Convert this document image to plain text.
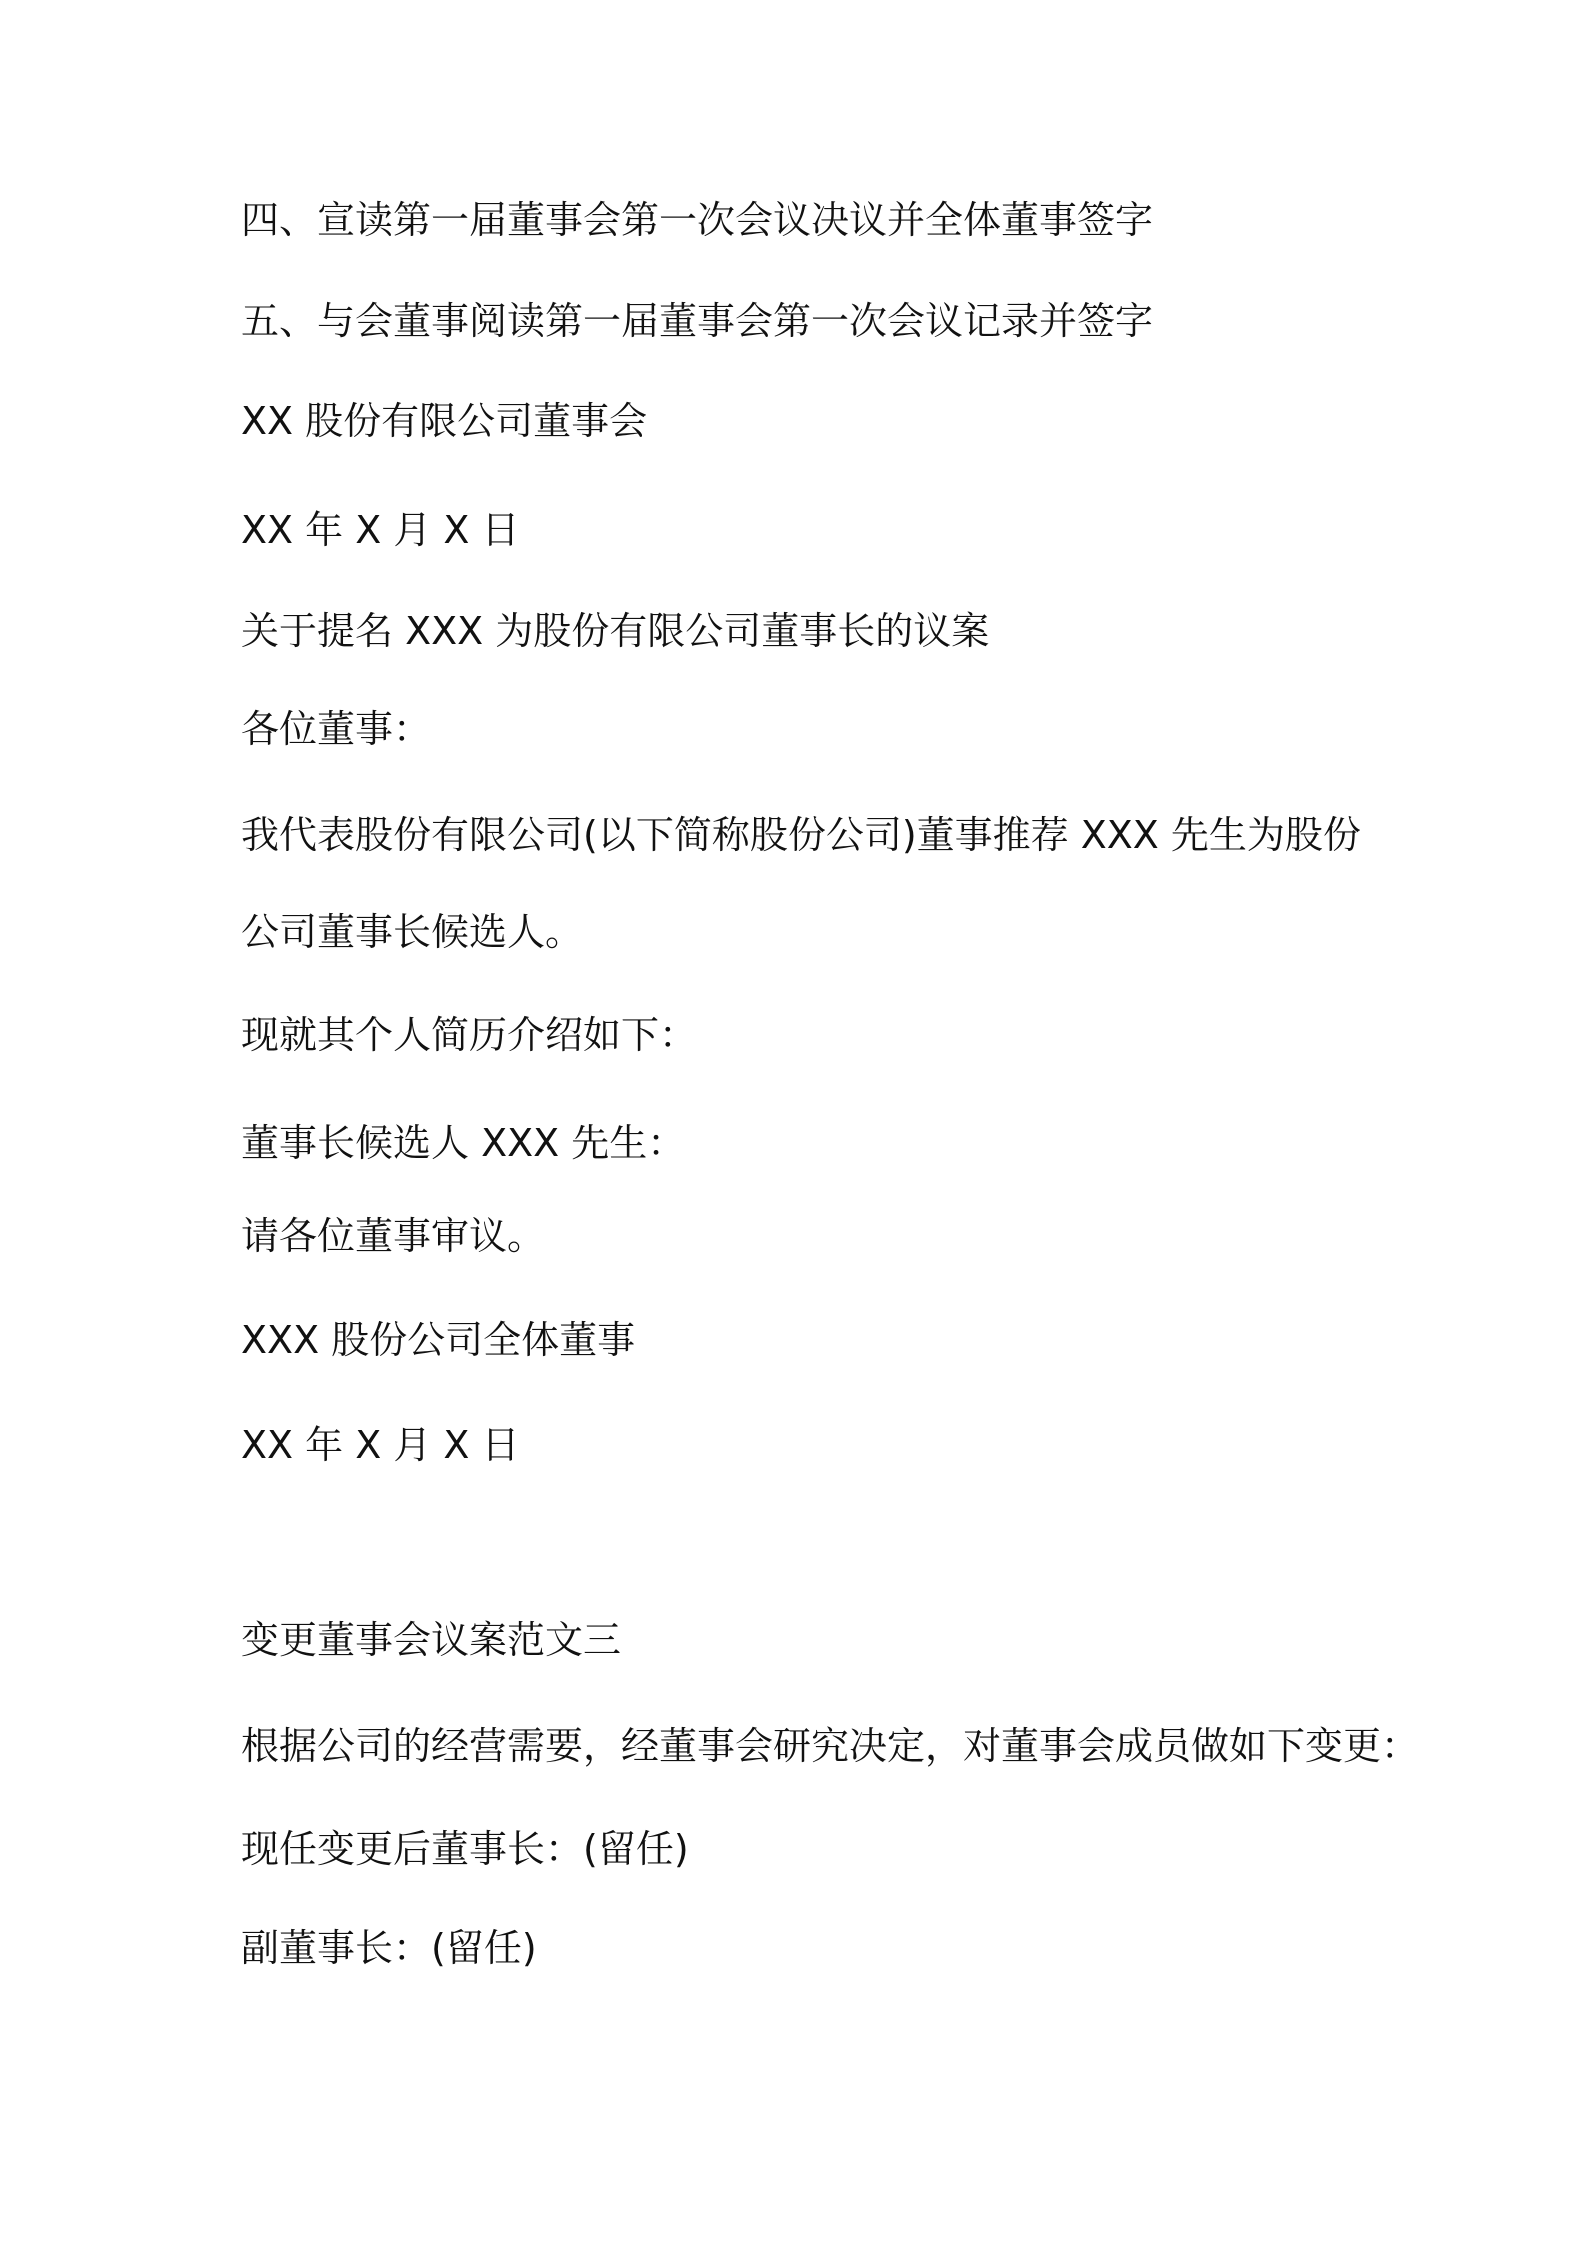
四、宣读第一届董事会第一次会议决议并全体董事签字

五、与会董事阅读第一届董事会第一次会议记录并签字

XX 股份有限公司董事会

XX 年 X 月 X 日

关于提名 XXX 为股份有限公司董事长的议案

各位董事：

我代表股份有限公司(以下简称股份公司)董事推荐 XXX 先生为股份

公司董事长候选人。

现就其个人简历介绍如下：

董事长候选人 XXX 先生：

请各位董事审议。

XXX 股份公司全体董事

XX 年 X 月 X 日

变更董事会议案范文三

根据公司的经营需要，经董事会研究决定，对董事会成员做如下变更：

现任变更后董事长：(留任)

副董事长：(留任)
